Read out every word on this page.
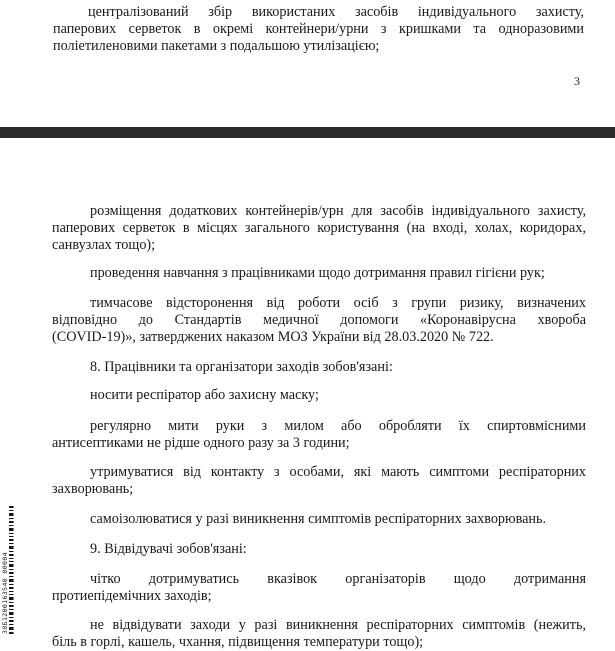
централізований збір використаних засобів індивідуального захисту,
паперових серветок в окремі контейнери/урни з кришками та одноразовими
поліетиленовими пакетами з подальшою утилізацією;
3
розміщення додаткових контейнерів/урн для засобів індивідуального захисту,
паперових серветок в місцях загального користування (на вході, холах, коридорах,
санвузлах тощо);
проведення навчання з працівниками щодо дотримання правил гігієни рук;
тимчасове відсторонення від роботи осіб з групи ризику, визначених
відповідно до Стандартів медичної допомоги «Коронавірусна хвороба
(COVID-19)», затверджених наказом МОЗ України від 28.03.2020 № 722.
8. Працівники та організатори заходів зобов'язані:
носити респіратор або захисну маску;
регулярно мити руки з милом або обробляти їх спиртовмісними
антисептиками не рідше одного разу за 3 години;
утримуватися від контакту з особами, які мають симптоми респіраторних
захворювань;
самоізолюватися у разі виникнення симптомів респіраторних захворювань.
9. Відвідувачі зобов'язані:
чітко дотримуватись вказівок організаторів щодо дотримання
протиепідемічних заходів;
не відвідувати заходи у разі виникнення респіраторних симптомів (нежить,
біль в горлі, кашель, чхання, підвищення температури тощо);
30Б1200163540 00004
